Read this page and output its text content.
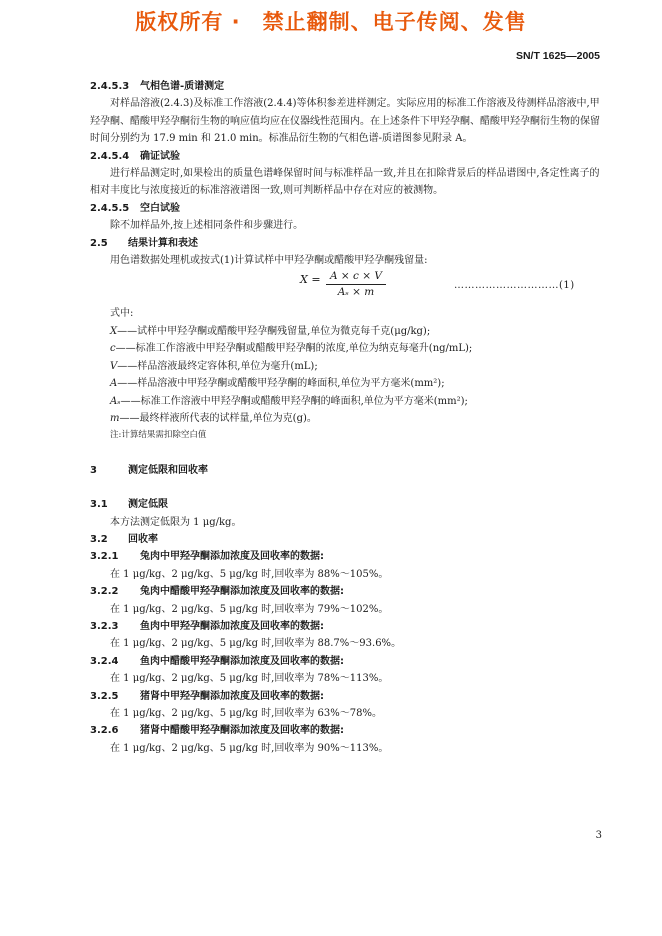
版权所有 ·　禁止翻制、电子传阅、发售
SN/T 1625—2005
2.4.5.3 气相色谱-质谱测定
对样品溶液(2.4.3)及标准工作溶液(2.4.4)等体积参差进样测定。实际应用的标准工作溶液及待测样品溶液中,甲羟孕酮、醋酸甲羟孕酮衍生物的响应值均应在仪器线性范围内。在上述条件下甲羟孕酮、醋酸甲羟孕酮衍生物的保留时间分别约为 17.9 min 和 21.0 min。标准品衍生物的气相色谱-质谱图参见附录 A。
2.4.5.4 确证试验
进行样品测定时,如果检出的质量色谱峰保留时间与标准样品一致,并且在扣除背景后的样品谱图中,各定性离子的相对丰度比与浓度接近的标准溶液谱图一致,则可判断样品中存在对应的被测物。
2.4.5.5 空白试验
除不加样品外,按上述相同条件和步骤进行。
2.5 结果计算和表述
用色谱数据处理机或按式(1)计算试样中甲羟孕酮或醋酸甲羟孕酮残留量:
$X = \frac{A \times c \times V}{\text{Aₛ × m}}$	…………………………(1)
式中:
X——试样中甲羟孕酮或醋酸甲羟孕酮残留量,单位为微克每千克(μg/kg);
c——标准工作溶液中甲羟孕酮或醋酸甲羟孕酮的浓度,单位为纳克每毫升(ng/mL);
V——样品溶液最终定容体积,单位为毫升(mL);
A——样品溶液中甲羟孕酮或醋酸甲羟孕酮的峰面积,单位为平方毫米(mm²);
Aₛ——标准工作溶液中甲羟孕酮或醋酸甲羟孕酮的峰面积,单位为平方毫米(mm²);
m——最终样液所代表的试样量,单位为克(g)。
注:计算结果需扣除空白值
3	测定低限和回收率
3.1 测定低限
本方法测定低限为 1 μg/kg。
3.2 回收率
3.2.1 兔肉中甲羟孕酮添加浓度及回收率的数据:
在 1 μg/kg、2 μg/kg、5 μg/kg 时,回收率为 88%～105%。
3.2.2 兔肉中醋酸甲羟孕酮添加浓度及回收率的数据:
在 1 μg/kg、2 μg/kg、5 μg/kg 时,回收率为 79%～102%。
3.2.3 鱼肉中甲羟孕酮添加浓度及回收率的数据:
在 1 μg/kg、2 μg/kg、5 μg/kg 时,回收率为 88.7%～93.6%。
3.2.4 鱼肉中醋酸甲羟孕酮添加浓度及回收率的数据:
在 1 μg/kg、2 μg/kg、5 μg/kg 时,回收率为 78%～113%。
3.2.5 猪肾中甲羟孕酮添加浓度及回收率的数据:
在 1 μg/kg、2 μg/kg、5 μg/kg 时,回收率为 63%～78%。
3.2.6 猪肾中醋酸甲羟孕酮添加浓度及回收率的数据:
在 1 μg/kg、2 μg/kg、5 μg/kg 时,回收率为 90%～113%。
3
